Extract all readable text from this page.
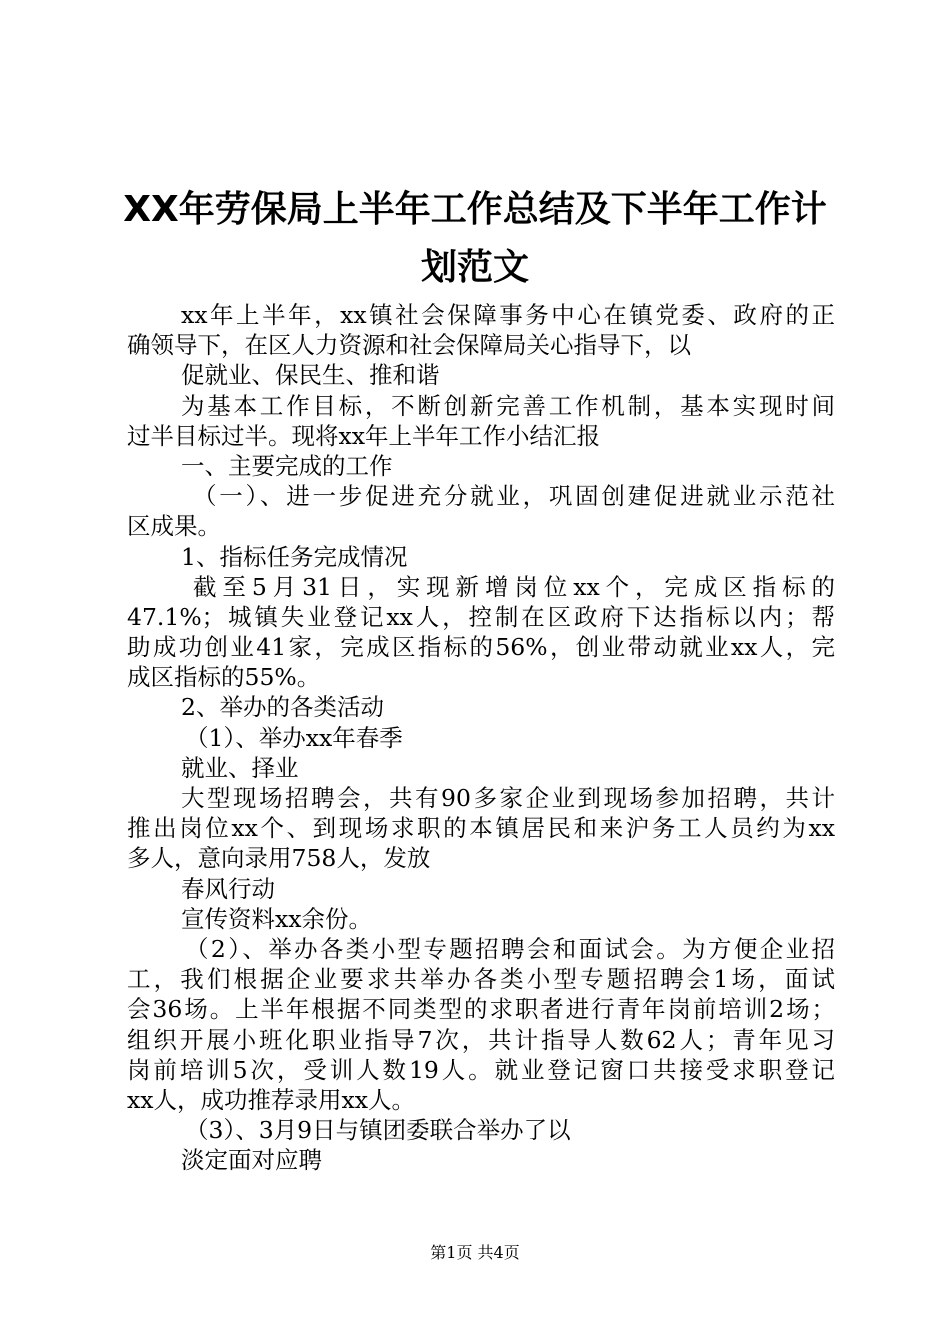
XX年劳保局上半年工作总结及下半年工作计
划范文
xx年上半年，xx镇社会保障事务中心在镇党委、政府的正
确领导下，在区人力资源和社会保障局关心指导下，以
促就业、保民生、推和谐
为基本工作目标，不断创新完善工作机制，基本实现时间
过半目标过半。现将xx年上半年工作小结汇报
一、主要完成的工作
（一）、进一步促进充分就业，巩固创建促进就业示范社
区成果。
1、指标任务完成情况
截至5月31日，实现新增岗位xx个，完成区指标的
47.1%；城镇失业登记xx人，控制在区政府下达指标以内；帮
助成功创业41家，完成区指标的56%，创业带动就业xx人，完
成区指标的55%。
2、举办的各类活动
（1）、举办xx年春季
就业、择业
大型现场招聘会，共有90多家企业到现场参加招聘，共计
推出岗位xx个、到现场求职的本镇居民和来沪务工人员约为xx
多人，意向录用758人，发放
春风行动
宣传资料xx余份。
（2）、举办各类小型专题招聘会和面试会。为方便企业招
工，我们根据企业要求共举办各类小型专题招聘会1场，面试
会36场。上半年根据不同类型的求职者进行青年岗前培训2场；
组织开展小班化职业指导7次，共计指导人数62人；青年见习
岗前培训5次，受训人数19人。就业登记窗口共接受求职登记
xx人，成功推荐录用xx人。
（3）、3月9日与镇团委联合举办了以
淡定面对应聘
第1页 共4页
